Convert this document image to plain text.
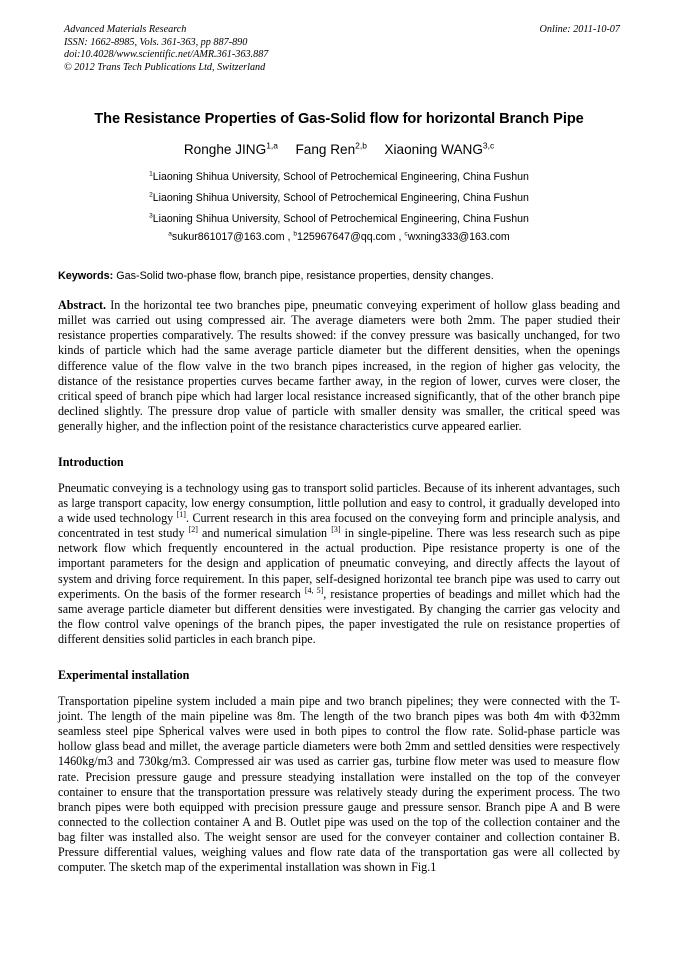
Advanced Materials Research
ISSN: 1662-8985, Vols. 361-363, pp 887-890
doi:10.4028/www.scientific.net/AMR.361-363.887
© 2012 Trans Tech Publications Ltd, Switzerland
Online: 2011-10-07
The Resistance Properties of Gas-Solid flow for horizontal Branch Pipe
Ronghe JING$^{1,a}$ Fang Ren$^{2,b}$ Xiaoning WANG$^{3,c}$
$^1$Liaoning Shihua University, School of Petrochemical Engineering, China Fushun
$^2$Liaoning Shihua University, School of Petrochemical Engineering, China Fushun
$^3$Liaoning Shihua University, School of Petrochemical Engineering, China Fushun
$^a$sukur861017@163.com , $^b$125967647@qq.com , $^c$wxning333@163.com
Keywords: Gas-Solid two-phase flow, branch pipe, resistance properties, density changes.
Abstract. In the horizontal tee two branches pipe, pneumatic conveying experiment of hollow glass beading and millet was carried out using compressed air. The average diameters were both 2mm. The paper studied their resistance properties comparatively. The results showed: if the convey pressure was basically unchanged, for two kinds of particle which had the same average particle diameter but the different densities, when the openings difference value of the flow valve in the two branch pipes increased, in the region of higher gas velocity, the distance of the resistance properties curves became farther away, in the region of lower, curves were closer, the critical speed of branch pipe which had larger local resistance increased significantly, that of the other branch pipe declined slightly. The pressure drop value of particle with smaller density was smaller, the critical speed was generally higher, and the inflection point of the resistance characteristics curve appeared earlier.
Introduction
Pneumatic conveying is a technology using gas to transport solid particles. Because of its inherent advantages, such as large transport capacity, low energy consumption, little pollution and easy to control, it gradually developed into a wide used technology [1]. Current research in this area focused on the conveying form and principle analysis, and concentrated in test study [2] and numerical simulation [3] in single-pipeline. There was less research such as pipe network flow which frequently encountered in the actual production. Pipe resistance property is one of the important parameters for the design and application of pneumatic conveying, and directly affects the layout of system and driving force requirement. In this paper, self-designed horizontal tee branch pipe was used to carry out experiments. On the basis of the former research [4, 5], resistance properties of beadings and millet which had the same average particle diameter but different densities were investigated. By changing the carrier gas velocity and the flow control valve openings of the branch pipes, the paper investigated the rule on resistance properties of different densities solid particles in each branch pipe.
Experimental installation
Transportation pipeline system included a main pipe and two branch pipelines; they were connected with the T-joint. The length of the main pipeline was 8m. The length of the two branch pipes was both 4m with Φ32mm seamless steel pipe Spherical valves were used in both pipes to control the flow rate. Solid-phase particle was hollow glass bead and millet, the average particle diameters were both 2mm and settled densities were respectively 1460kg/m3 and 730kg/m3. Compressed air was used as carrier gas, turbine flow meter was used to measure flow rate. Precision pressure gauge and pressure steadying installation were installed on the top of the conveyer container to ensure that the transportation pressure was relatively steady during the experiment process. The two branch pipes were both equipped with precision pressure gauge and pressure sensor. Branch pipe A and B were connected to the collection container A and B. Outlet pipe was used on the top of the collection container and the bag filter was installed also. The weight sensor are used for the conveyer container and collection container B. Pressure differential values, weighing values and flow rate data of the transportation gas were all collected by computer. The sketch map of the experimental installation was shown in Fig.1
